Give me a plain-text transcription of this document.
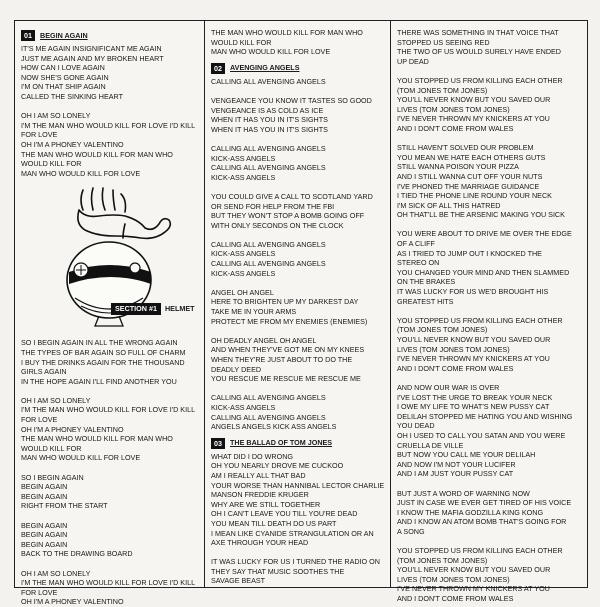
01	BEGIN AGAIN
IT'S ME AGAIN INSIGNIFICANT ME AGAIN
JUST ME AGAIN AND MY BROKEN HEART
HOW CAN I LOVE AGAIN
NOW SHE'S GONE AGAIN
I'M ON THAT SHIP AGAIN
CALLED THE SINKING HEART
OH I AM SO LONELY
I'M THE MAN WHO WOULD KILL FOR LOVE I'D KILL
FOR LOVE
OH I'M A PHONEY VALENTINO
THE MAN WHO WOULD KILL FOR MAN WHO
WOULD KILL FOR
MAN WHO WOULD KILL FOR LOVE
SECTION #1	HELMET
SO I BEGIN AGAIN IN ALL THE WRONG AGAIN
THE TYPES OF BAR AGAIN SO FULL OF CHARM
I BUY THE DRINKS AGAIN FOR THE THOUSAND
GIRLS AGAIN
IN THE HOPE AGAIN I'LL FIND ANOTHER YOU
OH I AM SO LONELY
I'M THE MAN WHO WOULD KILL FOR LOVE I'D KILL
FOR LOVE
OH I'M A PHONEY VALENTINO
THE MAN WHO WOULD KILL FOR MAN WHO
WOULD KILL FOR
MAN WHO WOULD KILL FOR LOVE
SO I BEGIN AGAIN
BEGIN AGAIN
BEGIN AGAIN
RIGHT FROM THE START
BEGIN AGAIN
BEGIN AGAIN
BEGIN AGAIN
BACK TO THE DRAWING BOARD
OH I AM SO LONELY
I'M THE MAN WHO WOULD KILL FOR LOVE I'D KILL
FOR LOVE
OH I'M A PHONEY VALENTINO
THE MAN WHO WOULD KILL FOR MAN WHO
WOULD KILL FOR
MAN WHO WOULD KILL FOR LOVE
02	AVENGING ANGELS
CALLING ALL AVENGING ANGELS
VENGEANCE YOU KNOW IT TASTES SO GOOD
VENGEANCE IS AS COLD AS ICE
WHEN IT HAS YOU IN IT'S SIGHTS
WHEN IT HAS YOU IN IT'S SIGHTS
CALLING ALL AVENGING ANGELS
KICK-ASS ANGELS
CALLING ALL AVENGING ANGELS
KICK-ASS ANGELS
YOU COULD GIVE A CALL TO SCOTLAND YARD
OR SEND FOR HELP FROM THE FBI
BUT THEY WON'T STOP A BOMB GOING OFF
WITH ONLY SECONDS ON THE CLOCK
CALLING ALL AVENGING ANGELS
KICK-ASS ANGELS
CALLING ALL AVENGING ANGELS
KICK-ASS ANGELS
ANGEL OH ANGEL
HERE TO BRIGHTEN UP MY DARKEST DAY
TAKE ME IN YOUR ARMS
PROTECT ME FROM MY ENEMIES (ENEMIES)
OH DEADLY ANGEL OH ANGEL
AND WHEN THEY'VE GOT ME ON MY KNEES
WHEN THEY'RE JUST ABOUT TO DO THE
DEADLY DEED
YOU RESCUE ME RESCUE ME RESCUE ME
CALLING ALL AVENGING ANGELS
KICK-ASS ANGELS
CALLING ALL AVENGING ANGELS
ANGELS ANGELS KICK ASS ANGELS
03	THE BALLAD OF TOM JONES
WHAT DID I DO WRONG
OH YOU NEARLY DROVE ME CUCKOO
AM I REALLY ALL THAT BAD
YOUR WORSE THAN HANNIBAL LECTOR CHARLIE
MANSON FREDDIE KRUGER
WHY ARE WE STILL TOGETHER
OH I CAN'T LEAVE YOU TILL YOU'RE DEAD
YOU MEAN TILL DEATH DO US PART
I MEAN LIKE CYANIDE STRANGULATION OR AN
AXE THROUGH YOUR HEAD
IT WAS LUCKY FOR US I TURNED THE RADIO ON
THEY SAY THAT MUSIC SOOTHES THE
SAVAGE BEAST
THERE WAS SOMETHING IN THAT VOICE THAT
STOPPED US SEEING RED
THE TWO OF US WOULD SURELY HAVE ENDED
UP DEAD
YOU STOPPED US FROM KILLING EACH OTHER
(TOM JONES TOM JONES)
YOU'LL NEVER KNOW BUT YOU SAVED OUR
LIVES (TOM JONES TOM JONES)
I'VE NEVER THROWN MY KNICKERS AT YOU
AND I DON'T COME FROM WALES
STILL HAVEN'T SOLVED OUR PROBLEM
YOU MEAN WE HATE EACH OTHERS GUTS
STILL WANNA POISON YOUR PIZZA
AND I STILL WANNA CUT OFF YOUR NUTS
I'VE PHONED THE MARRIAGE GUIDANCE
I TIED THE PHONE LINE ROUND YOUR NECK
I'M SICK OF ALL THIS HATRED
OH THAT'LL BE THE ARSENIC MAKING YOU SICK
YOU WERE ABOUT TO DRIVE ME OVER THE EDGE
OF A CLIFF
AS I TRIED TO JUMP OUT I KNOCKED THE
STEREO ON
YOU CHANGED YOUR MIND AND THEN SLAMMED
ON THE BRAKES
IT WAS LUCKY FOR US WE'D BROUGHT HIS
GREATEST HITS
YOU STOPPED US FROM KILLING EACH OTHER
(TOM JONES TOM JONES)
YOU'LL NEVER KNOW BUT YOU SAVED OUR
LIVES (TOM JONES TOM JONES)
I'VE NEVER THROWN MY KNICKERS AT YOU
AND I DON'T COME FROM WALES
AND NOW OUR WAR IS OVER
I'VE LOST THE URGE TO BREAK YOUR NECK
I OWE MY LIFE TO WHAT'S NEW PUSSY CAT
DELILAH STOPPED ME HATING YOU AND WISHING
YOU DEAD
OH I USED TO CALL YOU SATAN AND YOU WERE
CRUELLA DE VILLE
BUT NOW YOU CALL ME YOUR DELILAH
AND NOW I'M NOT YOUR LUCIFER
AND I AM JUST YOUR PUSSY CAT
BUT JUST A WORD OF WARNING NOW
JUST IN CASE WE EVER GET TIRED OF HIS VOICE
I KNOW THE MAFIA GODZILLA KING KONG
AND I KNOW AN ATOM BOMB THAT'S GOING FOR
A SONG
YOU STOPPED US FROM KILLING EACH OTHER
(TOM JONES TOM JONES)
YOU'LL NEVER KNOW BUT YOU SAVED OUR
LIVES (TOM JONES TOM JONES)
I'VE NEVER THROWN MY KNICKERS AT YOU
AND I DON'T COME FROM WALES
